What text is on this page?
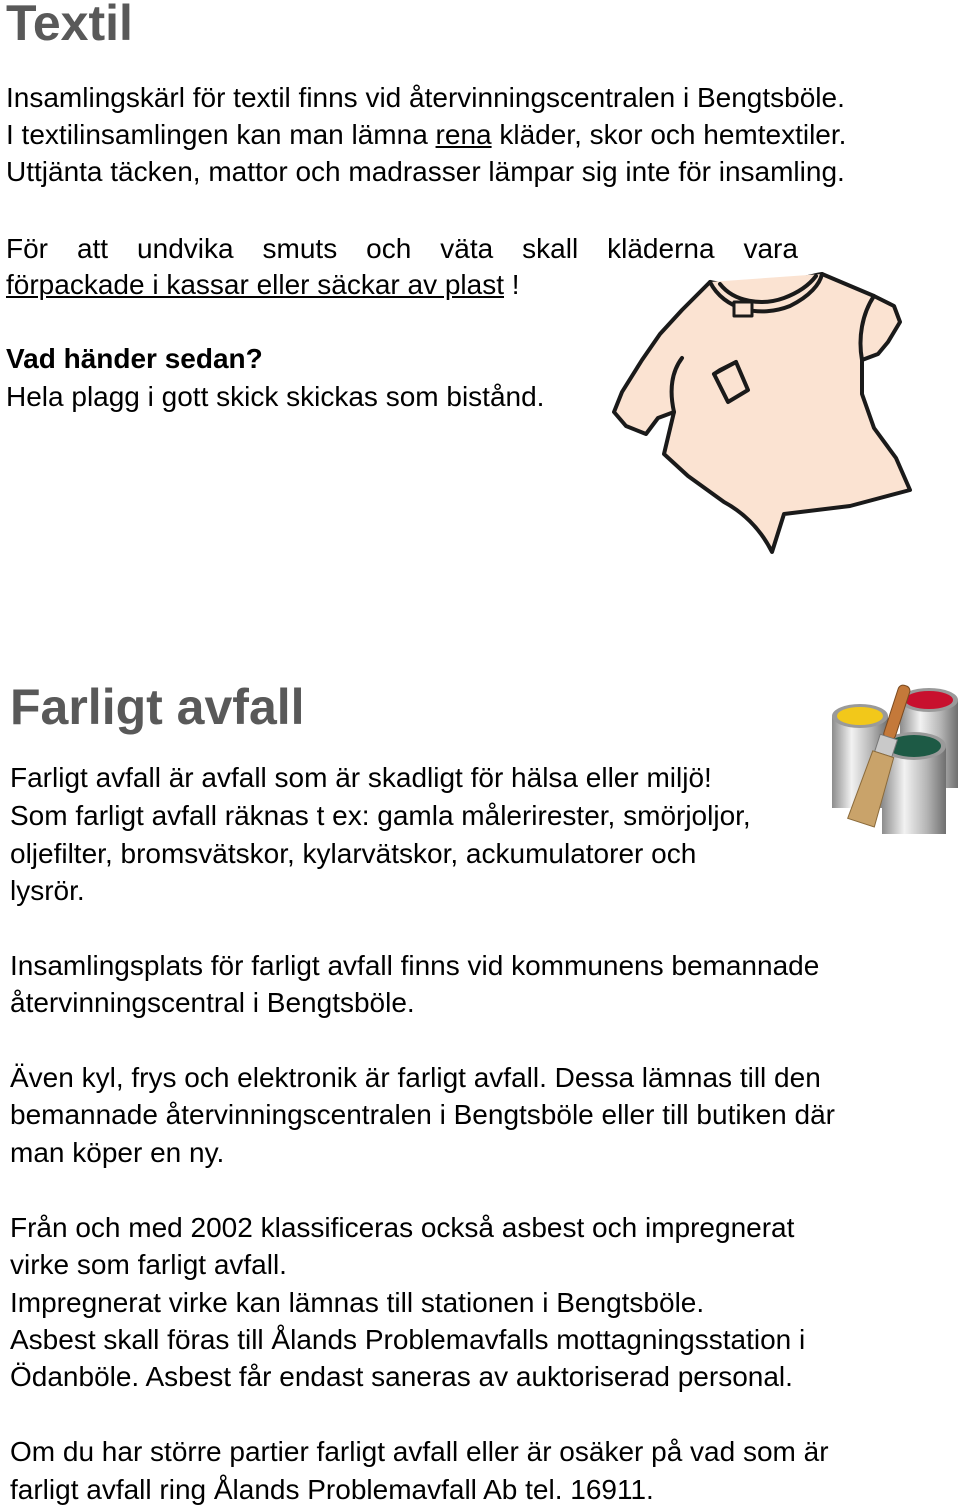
Textil
Insamlingskärl för textil finns vid återvinningscentralen i Bengtsböle.
I textilinsamlingen kan man lämna rena kläder, skor och hemtextiler.
Uttjänta täcken, mattor och madrasser lämpar sig inte för insamling.
För att undvika smuts och väta skall kläderna vara
förpackade i kassar eller säckar av plast !
Vad händer sedan?
Hela plagg i gott skick skickas som bistånd.
Farligt avfall
Farligt avfall är avfall som är skadligt för hälsa eller miljö!
Som farligt avfall räknas t ex: gamla målerirester, smörjoljor,
oljefilter, bromsvätskor, kylarvätskor, ackumulatorer och
lysrör.
Insamlingsplats för farligt avfall finns vid kommunens bemannade
återvinningscentral i Bengtsböle.
Även kyl, frys och elektronik är farligt avfall. Dessa lämnas till den
bemannade återvinningscentralen i Bengtsböle eller till butiken där
man köper en ny.
Från och med 2002 klassificeras också asbest och impregnerat
virke som farligt avfall.
Impregnerat virke kan lämnas till stationen i Bengtsböle.
Asbest skall föras till Ålands Problemavfalls mottagningsstation i
Ödanböle. Asbest får endast saneras av auktoriserad personal.
Om du har större partier farligt avfall eller är osäker på vad som är
farligt avfall ring Ålands Problemavfall Ab tel. 16911.
